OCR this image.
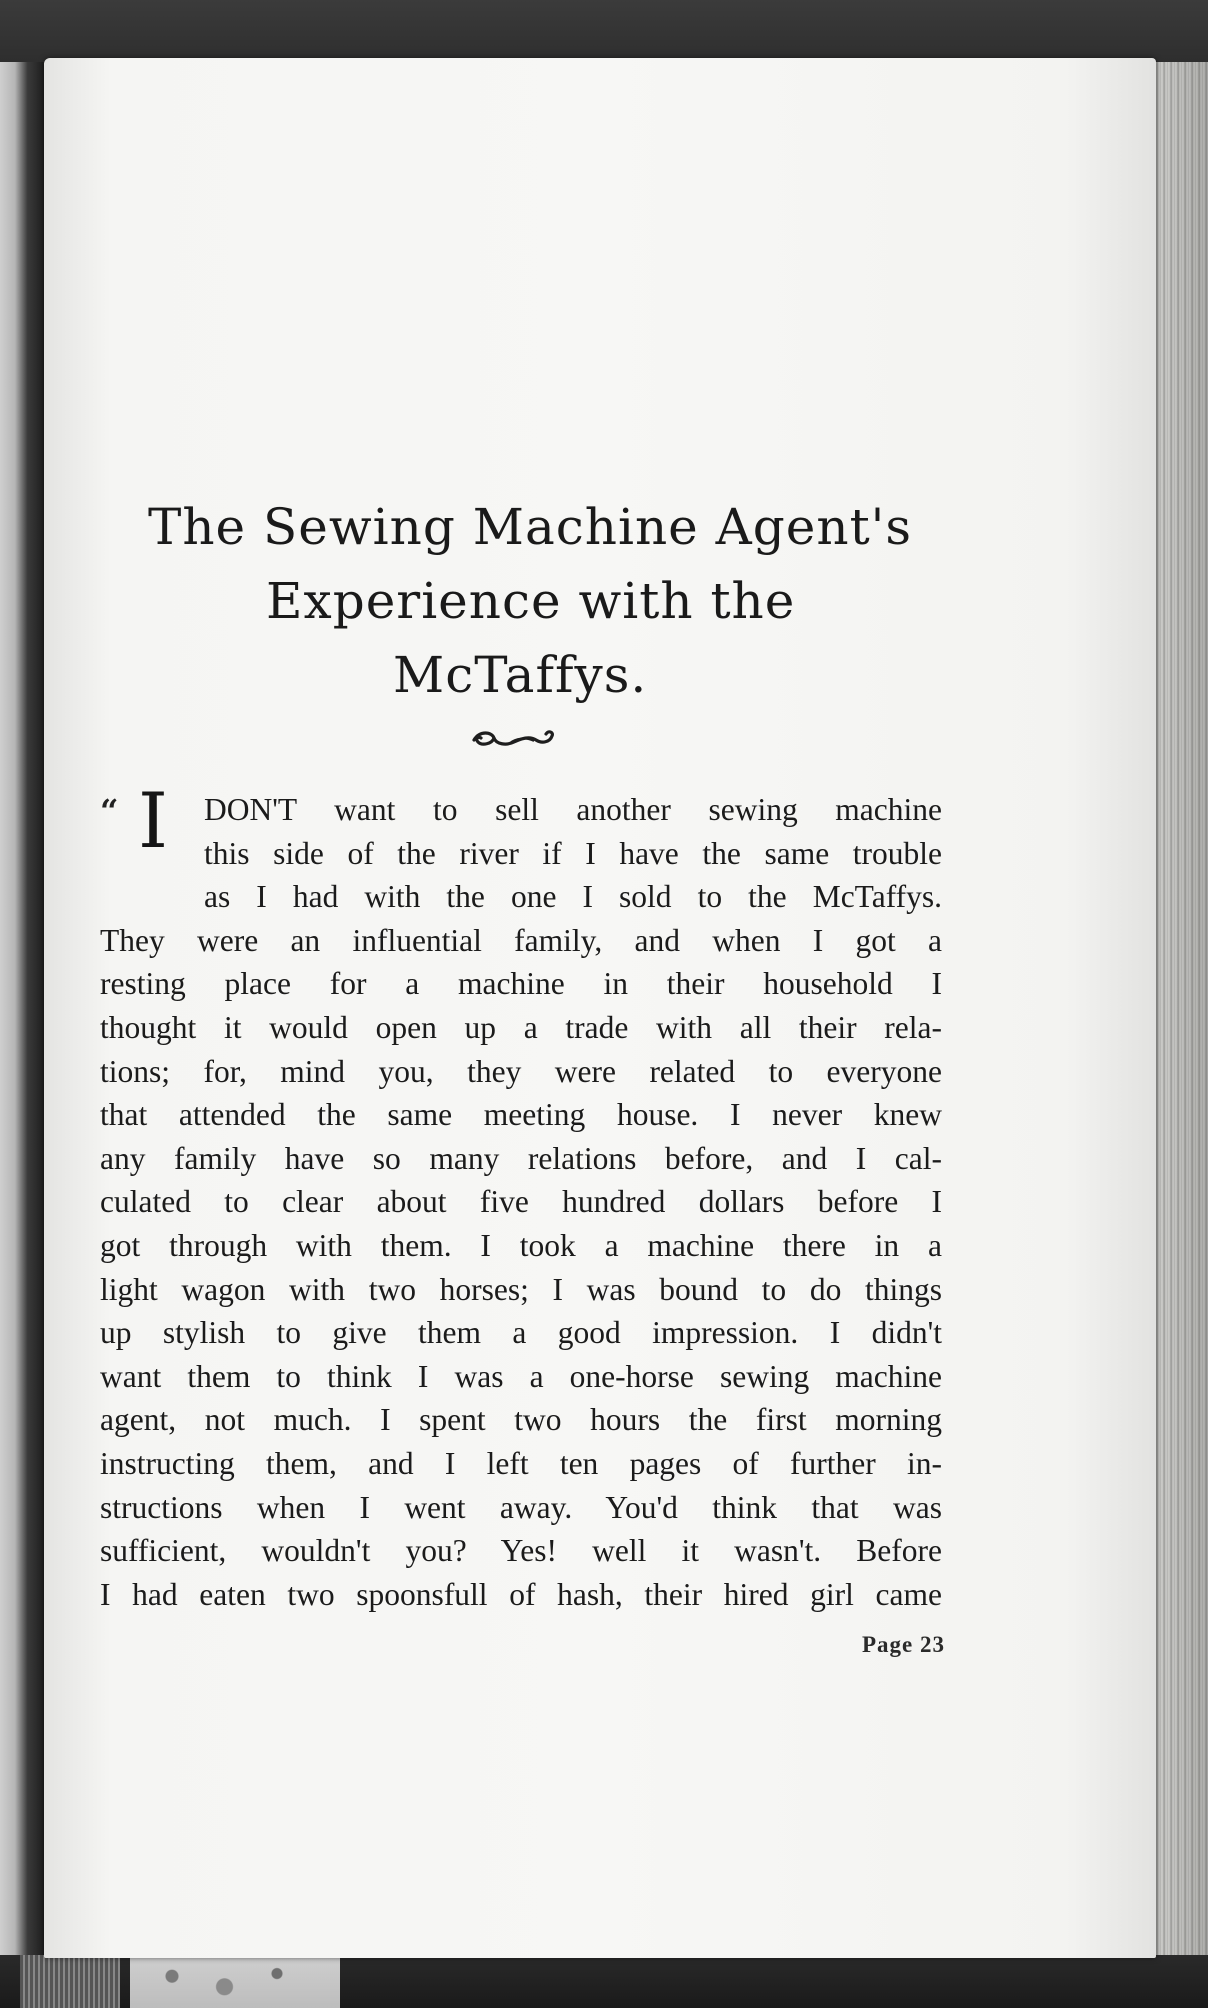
The Sewing Machine Agent's
Experience with the
McTaffys.
“ I	DON'T want to sell another sewing machine
this side of the river if I have the same trouble
as I had with the one I sold to the McTaffys.
They were an influential family, and when I got a
resting place for a machine in their household I
thought it would open up a trade with all their rela-
tions; for, mind you, they were related to everyone
that attended the same meeting house. I never knew
any family have so many relations before, and I cal-
culated to clear about five hundred dollars before I
got through with them. I took a machine there in a
light wagon with two horses; I was bound to do things
up stylish to give them a good impression. I didn't
want them to think I was a one-horse sewing machine
agent, not much. I spent two hours the first morning
instructing them, and I left ten pages of further in-
structions when I went away. You'd think that was
sufficient, wouldn't you? Yes! well it wasn't. Before
I had eaten two spoonsfull of hash, their hired girl came
Page 23
